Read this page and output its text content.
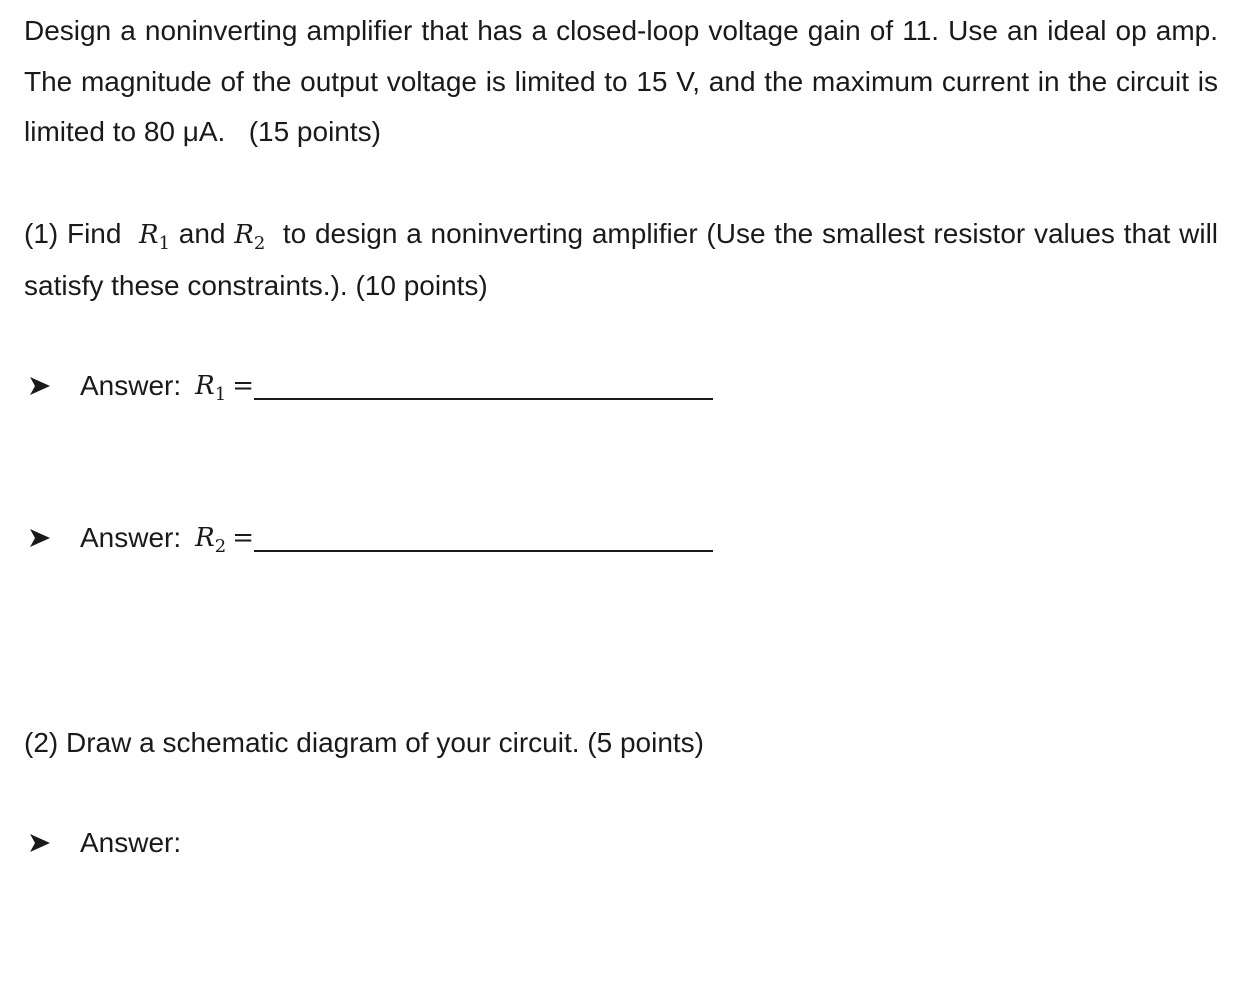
Design a noninverting amplifier that has a closed-loop voltage gain of 11. Use an ideal op amp. The magnitude of the output voltage is limited to 15 V, and the maximum current in the circuit is limited to 80 μA. (15 points)
(1) Find $R_1$ and $R_2$ to design a noninverting amplifier (Use the smallest resistor values that will satisfy these constraints.). (10 points)
Answer: $R_1$ =
Answer: $R_2$ =
(2) Draw a schematic diagram of your circuit. (5 points)
Answer:
